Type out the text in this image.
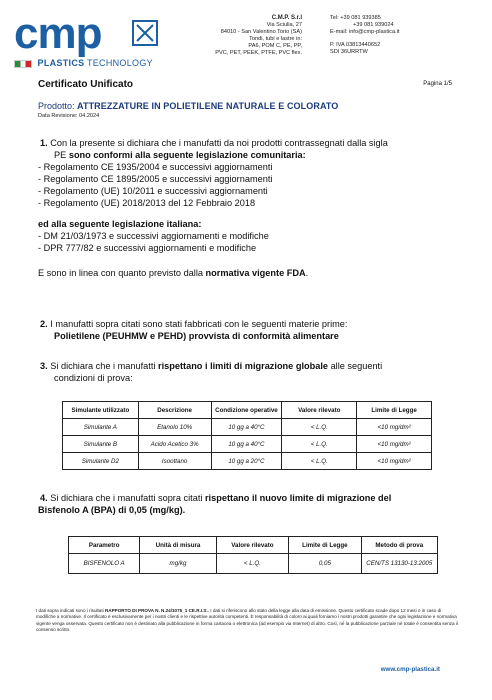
cmp
PLASTICS TECHNOLOGY
C.M.P. S.r.l
Via Sciulia, 27
84010 - San Valentino Torio (SA)
Tondi, tubi e lastre in:
PA6, POM C, PE, PP,
PVC, PET, PEEK, PTFE, PVC flex.
Tel: +39 081 939385
+39 081 939024
E-mail: info@cmp-plastica.it
P. IVA 03813440652
SDI 36URRTW
Certificato Unificato	Pagina 1/5
Prodotto: ATTREZZATURE IN POLIETILENE NATURALE E COLORATO
Data Revisione: 04.2024
1. Con la presente si dichiara che i manufatti da noi prodotti contrassegnati dalla sigla
PE sono conformi alla seguente legislazione comunitaria:
- Regolamento CE 1935/2004 e successivi aggiornamenti
- Regolamento CE 1895/2005 e successivi aggiornamenti
- Regolamento (UE) 10/2011 e successivi aggiornamenti
- Regolamento (UE) 2018/2013 del 12 Febbraio 2018
ed alla seguente legislazione italiana:
- DM 21/03/1973 e successivi aggiornamenti e modifiche
- DPR 777/82 e successivi aggiornamenti e modifiche
E sono in linea con quanto previsto dalla normativa vigente FDA.
2. I manufatti sopra citati sono stati fabbricati con le seguenti materie prime:
Polietilene (PEUHMW e PEHD) provvista di conformità alimentare
3. Si dichiara che i manufatti rispettano i limiti di migrazione globale alle seguenti
condizioni di prova:
Simulante utilizzato	Descrizione	Condizione operative	Valore rilevato	Limite di Legge
Simulante A	Etanolo 10%	10 gg a 40°C	< L.Q.	<10 mg/dm²
Simulante B	Acido Acetico 3%	10 gg a 40°C	< L.Q.	<10 mg/dm²
Simulante D2	Isoottano	10 gg a 20°C	< L.Q.	<10 mg/dm²
4. Si dichiara che i manufatti sopra citati rispettano il nuovo limite di migrazione del
Bisfenolo A (BPA) di 0,05 (mg/kg).
Parametro	Unità di misura	Valore rilevato	Limite di Legge	Metodo di prova
BISFENOLO A	mg/kg	< L.Q.	0,05	CEN/TS 13130-13:2005
I dati sopra indicati sono i risultati RAPPORTO DI PROVA N. N.24/1075_1 CE.R.I.S.. I dati si riferiscono allo stato della legge alla data di emissione. Questo certificato scade dopo 12 mesi o in caso di modifiche a normative. Il certificato è esclusivamente per i nostri clienti e le rispettive autorità competenti. È responsabilità di coloro ai quali forniamo i nostri prodotti garantire che ogni legislazione e normativa vigente venga osservata. Questo certificato non è destinato alla pubblicazione in forma cartacea o elettronica (ad esempio via Internet) di altro. Così, né la pubblicazione parziale né totale è consentita senza il consenso scritto.
www.cmp-plastica.it
